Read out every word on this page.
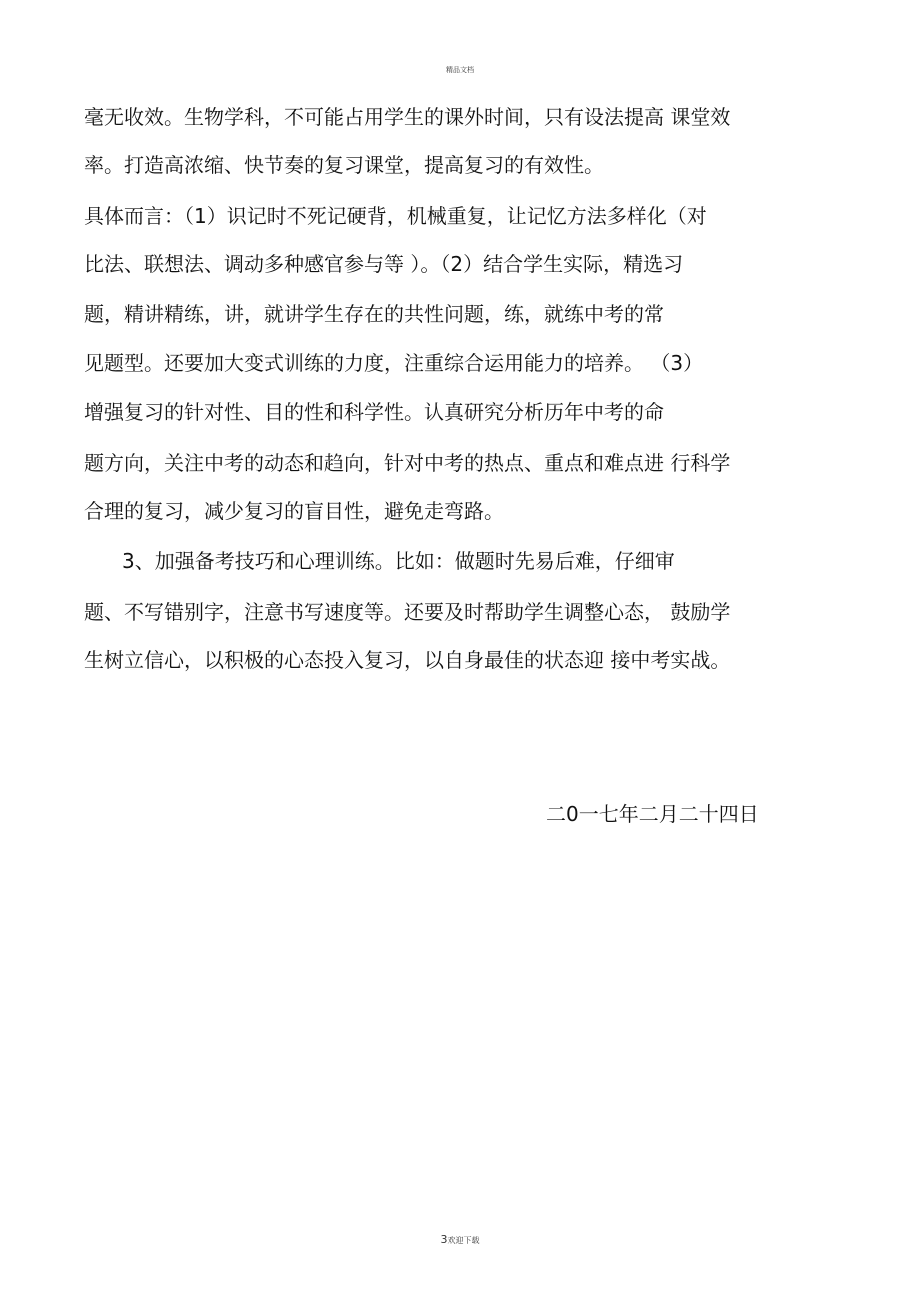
精品文档
毫无收效。生物学科，不可能占用学生的课外时间，只有设法提高 课堂效
率。打造高浓缩、快节奏的复习课堂，提高复习的有效性。
具体而言：（1）识记时不死记硬背，机械重复，让记忆方法多样化（对
比法、联想法、调动多种感官参与等 ）。（2）结合学生实际，精选习
题，精讲精练，讲，就讲学生存在的共性问题，练，就练中考的常
见题型。还要加大变式训练的力度，注重综合运用能力的培养。 （3）
增强复习的针对性、目的性和科学性。认真研究分析历年中考的命
题方向，关注中考的动态和趋向，针对中考的热点、重点和难点进 行科学
合理的复习，减少复习的盲目性，避免走弯路。
3、加强备考技巧和心理训练。比如：做题时先易后难，仔细审
题、不写错别字，注意书写速度等。还要及时帮助学生调整心态， 鼓励学
生树立信心，以积极的心态投入复习，以自身最佳的状态迎 接中考实战。
二0一七年二月二十四日
3欢迎下载
